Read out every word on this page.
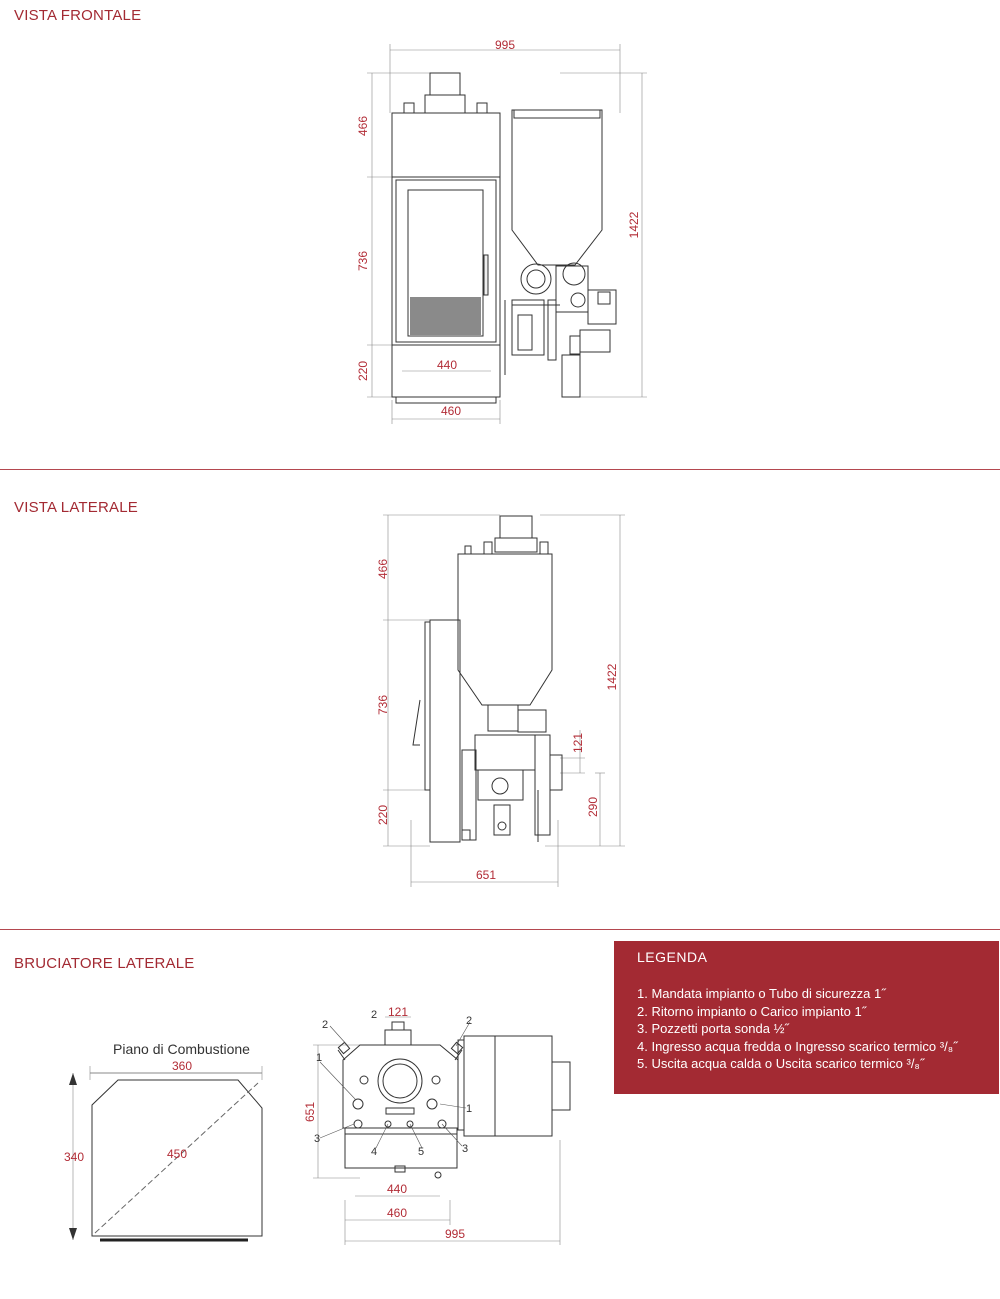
VISTA FRONTALE
VISTA LATERALE
BRUCIATORE LATERALE
995
466
736
220
1422
440
460
466
736
220
1422
121
290
651
360
340	450
121
651
440
460
995
1
2
2	2
1
3
3
4	5
Piano di Combustione
LEGENDA
1. Mandata impianto o Tubo di sicurezza 1˝
2. Ritorno impianto o Carico impianto 1˝
3. Pozzetti porta sonda ½˝
4. Ingresso acqua fredda o Ingresso scarico termico ³/₈˝
5. Uscita acqua calda o Uscita scarico termico ³/₈˝
